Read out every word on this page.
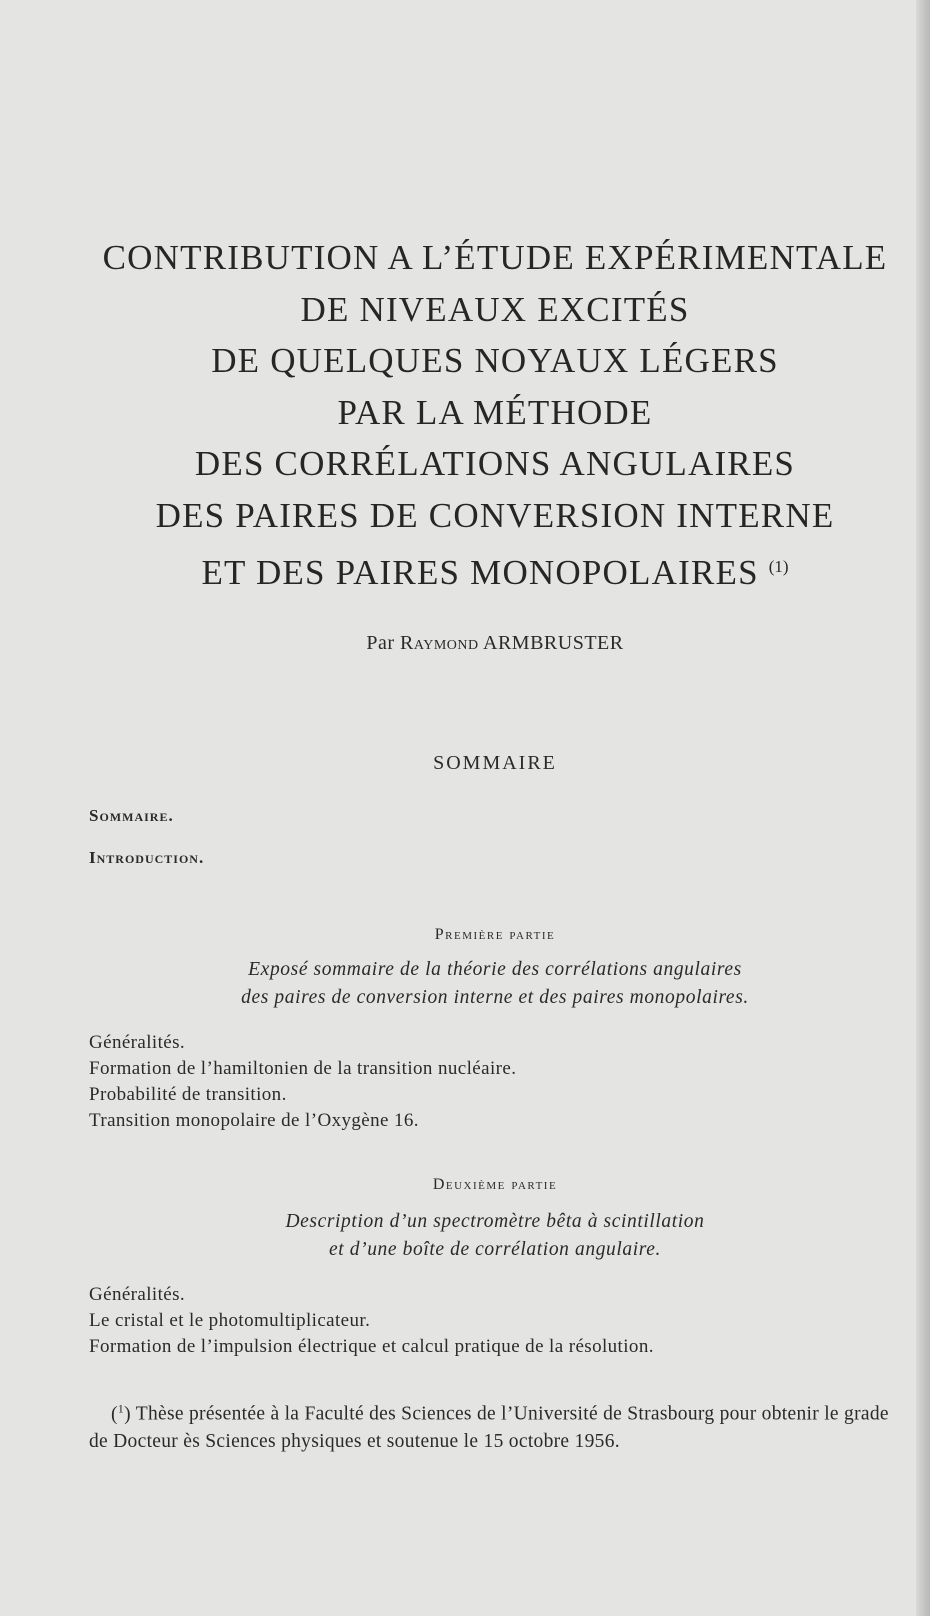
CONTRIBUTION A L’ÉTUDE EXPÉRIMENTALE
DE NIVEAUX EXCITÉS
DE QUELQUES NOYAUX LÉGERS
PAR LA MÉTHODE
DES CORRÉLATIONS ANGULAIRES
DES PAIRES DE CONVERSION INTERNE
ET DES PAIRES MONOPOLAIRES $^{(1)}$
Par Raymond ARMBRUSTER
SOMMAIRE
Sommaire.
Introduction.
Première partie
Exposé sommaire de la théorie des corrélations angulaires
des paires de conversion interne et des paires monopolaires.
Généralités.
Formation de l’hamiltonien de la transition nucléaire.
Probabilité de transition.
Transition monopolaire de l’Oxygène 16.
Deuxième partie
Description d’un spectromètre bêta à scintillation
et d’une boîte de corrélation angulaire.
Généralités.
Le cristal et le photomultiplicateur.
Formation de l’impulsion électrique et calcul pratique de la résolution.
($^1$) Thèse présentée à la Faculté des Sciences de l’Université de Strasbourg pour obtenir le grade de Docteur ès Sciences physiques et soutenue le 15 octobre 1956.
